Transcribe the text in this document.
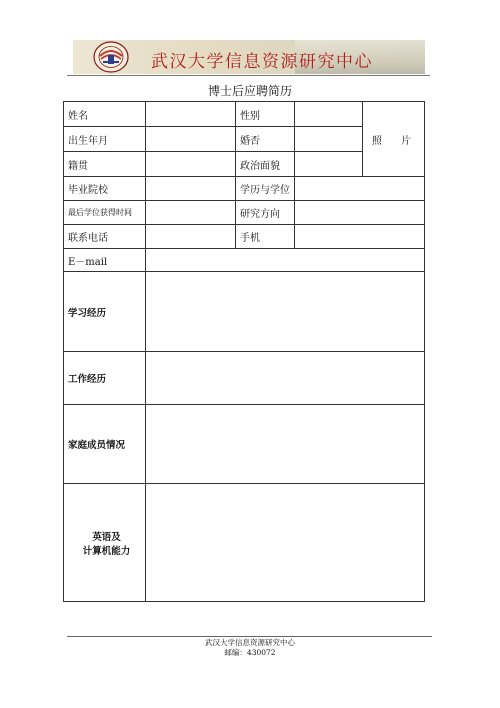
武汉大学信息资源研究中心
博士后应聘简历
姓名		性别		照 片
出生年月		婚否		
籍贯		政治面貌		
毕业院校		学历与学位		
最后学位获得时间		研究方向		
联系电话		手机		
E－mail				
学习经历				
工作经历				
家庭成员情况				

英语及
计算机能力				

武汉大学信息资源研究中心
邮编：430072
